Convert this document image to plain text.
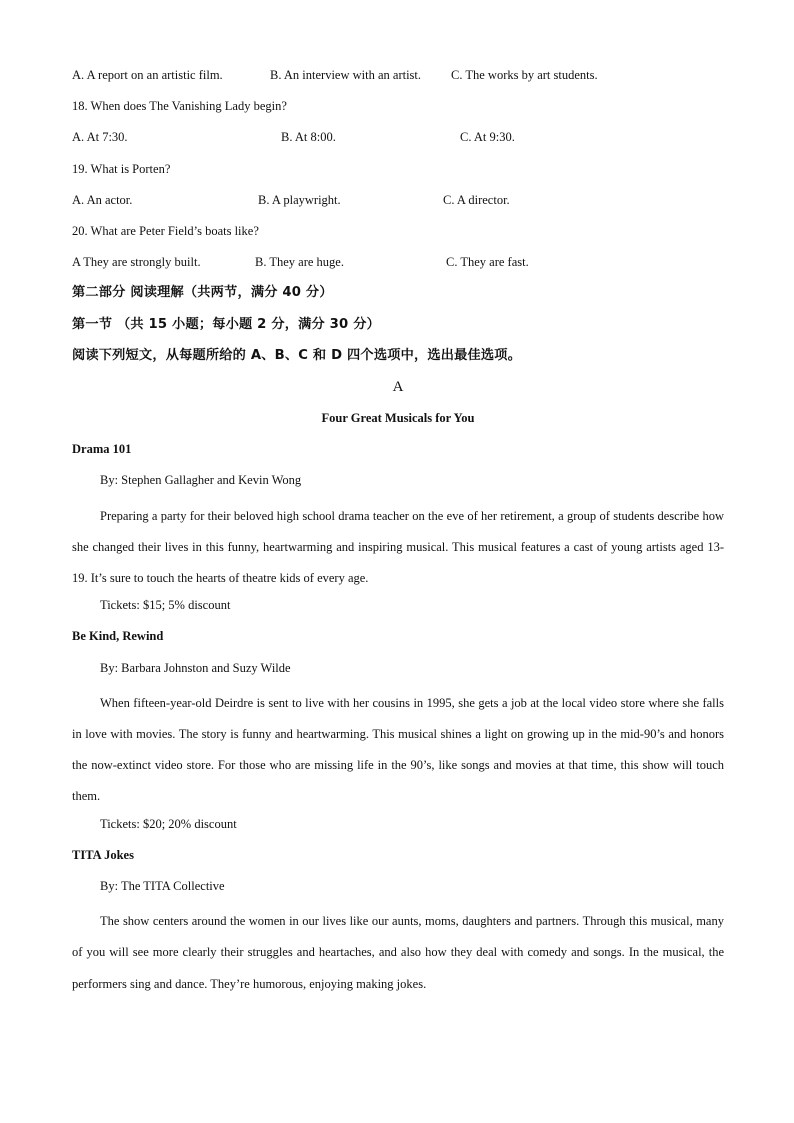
A. A report on an artistic film.	B. An interview with an artist.	C. The works by art students.
18. When does The Vanishing Lady begin?
A. At 7:30.	B. At 8:00.	C. At 9:30.
19. What is Porten?
A. An actor.	B. A playwright.	C. A director.
20. What are Peter Field’s boats like?
A They are strongly built.	B. They are huge.	C. They are fast.
第二部分 阅读理解（共两节，满分 40 分）
第一节 （共 15 小题；每小题 2 分，满分 30 分）
阅读下列短文，从每题所给的 A、B、C 和 D 四个选项中，选出最佳选项。
A
Four Great Musicals for You
Drama 101
By: Stephen Gallagher and Kevin Wong

Preparing a party for their beloved high school drama teacher on the eve of her retirement, a group of students describe how she changed their lives in this funny, heartwarming and inspiring musical. This musical features a cast of young artists aged 13-19. It’s sure to touch the hearts of theatre kids of every age.

Tickets: $15; 5% discount
Be Kind, Rewind
By: Barbara Johnston and Suzy Wilde

When fifteen-year-old Deirdre is sent to live with her cousins in 1995, she gets a job at the local video store where she falls in love with movies. The story is funny and heartwarming. This musical shines a light on growing up in the mid-90’s and honors the now-extinct video store. For those who are missing life in the 90’s, like songs and movies at that time, this show will touch them.

Tickets: $20; 20% discount
TITA Jokes
By: The TITA Collective

The show centers around the women in our lives like our aunts, moms, daughters and partners. Through this musical, many of you will see more clearly their struggles and heartaches, and also how they deal with comedy and songs. In the musical, the performers sing and dance. They’re humorous, enjoying making jokes.
